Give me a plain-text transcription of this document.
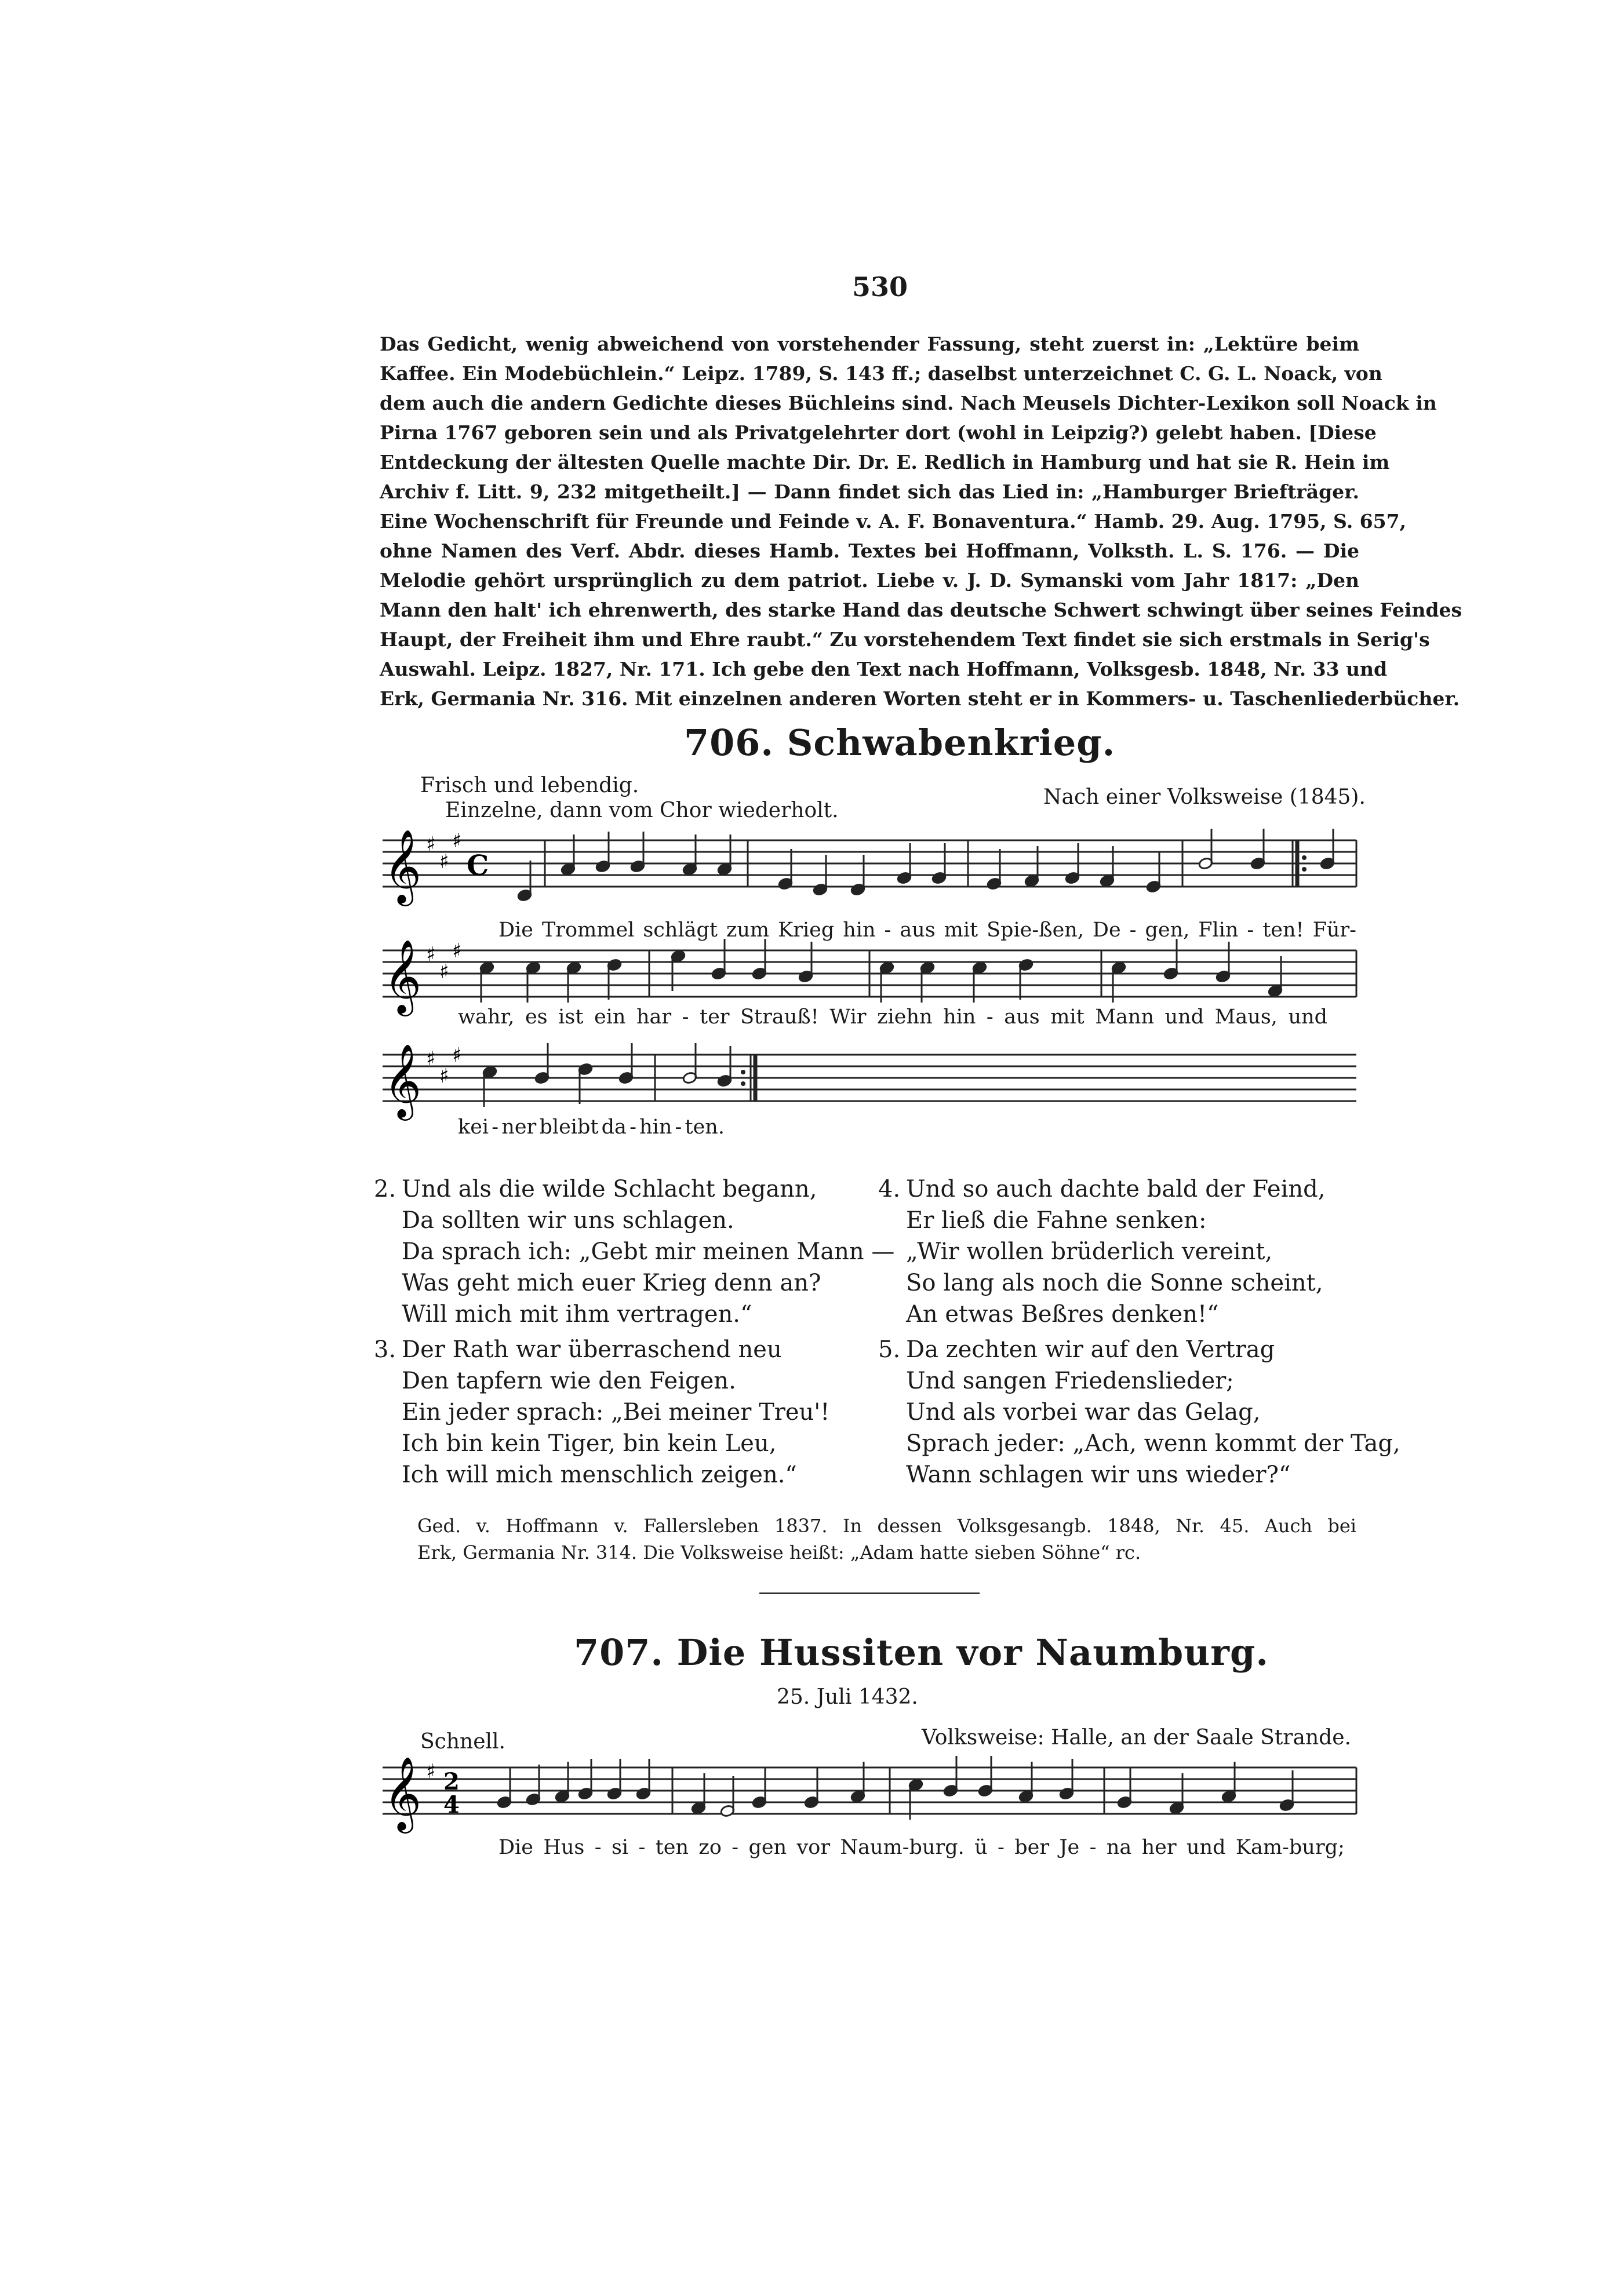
530
Das Gedicht, wenig abweichend von vorstehender Fassung, steht zuerst in: „Lektüre beim
Kaffee. Ein Modebüchlein.“ Leipz. 1789, S. 143 ff.; daselbst unterzeichnet C. G. L. Noack, von
dem auch die andern Gedichte dieses Büchleins sind. Nach Meusels Dichter-Lexikon soll Noack in
Pirna 1767 geboren sein und als Privatgelehrter dort (wohl in Leipzig?) gelebt haben. [Diese
Entdeckung der ältesten Quelle machte Dir. Dr. E. Redlich in Hamburg und hat sie R. Hein im
Archiv f. Litt. 9, 232 mitgetheilt.] — Dann findet sich das Lied in: „Hamburger Briefträger.
Eine Wochenschrift für Freunde und Feinde v. A. F. Bonaventura.“ Hamb. 29. Aug. 1795, S. 657,
ohne Namen des Verf. Abdr. dieses Hamb. Textes bei Hoffmann, Volksth. L. S. 176. — Die
Melodie gehört ursprünglich zu dem patriot. Liebe v. J. D. Symanski vom Jahr 1817: „Den
Mann den halt' ich ehrenwerth, des starke Hand das deutsche Schwert schwingt über seines Feindes
Haupt, der Freiheit ihm und Ehre raubt.“ Zu vorstehendem Text findet sie sich erstmals in Serig's
Auswahl. Leipz. 1827, Nr. 171. Ich gebe den Text nach Hoffmann, Volksgesb. 1848, Nr. 33 und
Erk, Germania Nr. 316. Mit einzelnen anderen Worten steht er in Kommers- u. Taschenliederbücher.
706. Schwabenkrieg.
Frisch und lebendig.
Einzelne, dann vom Chor wiederholt.
Nach einer Volksweise (1845).
𝄞 ♯
♯
♯
C
Die Trommel schlägt zum Krieg hin - aus mit Spie-ßen, De - gen, Flin - ten! Für-
𝄞 ♯
♯
♯
wahr, es ist ein har - ter Strauß! Wir ziehn hin - aus mit Mann und Maus, und
𝄞 ♯
♯
♯
kei - ner bleibt da - hin - ten.
2. Und als die wilde Schlacht begann,
Da sollten wir uns schlagen.
Da sprach ich: „Gebt mir meinen Mann —
Was geht mich euer Krieg denn an?
Will mich mit ihm vertragen.“
3. Der Rath war überraschend neu
Den tapfern wie den Feigen.
Ein jeder sprach: „Bei meiner Treu'!
Ich bin kein Tiger, bin kein Leu,
Ich will mich menschlich zeigen.“
4. Und so auch dachte bald der Feind,
Er ließ die Fahne senken:
„Wir wollen brüderlich vereint,
So lang als noch die Sonne scheint,
An etwas Beßres denken!“
5. Da zechten wir auf den Vertrag
Und sangen Friedenslieder;
Und als vorbei war das Gelag,
Sprach jeder: „Ach, wenn kommt der Tag,
Wann schlagen wir uns wieder?“
Ged. v. Hoffmann v. Fallersleben 1837. In dessen Volksgesangb. 1848, Nr. 45. Auch bei
Erk, Germania Nr. 314. Die Volksweise heißt: „Adam hatte sieben Söhne“ rc.
707. Die Hussiten vor Naumburg.
25. Juli 1432.
Schnell.	Volksweise: Halle, an der Saale Strande.
𝄞 ♯ 2
4
Die Hus - si - ten zo - gen vor Naum-burg. ü - ber Je - na her und Kam-burg;
